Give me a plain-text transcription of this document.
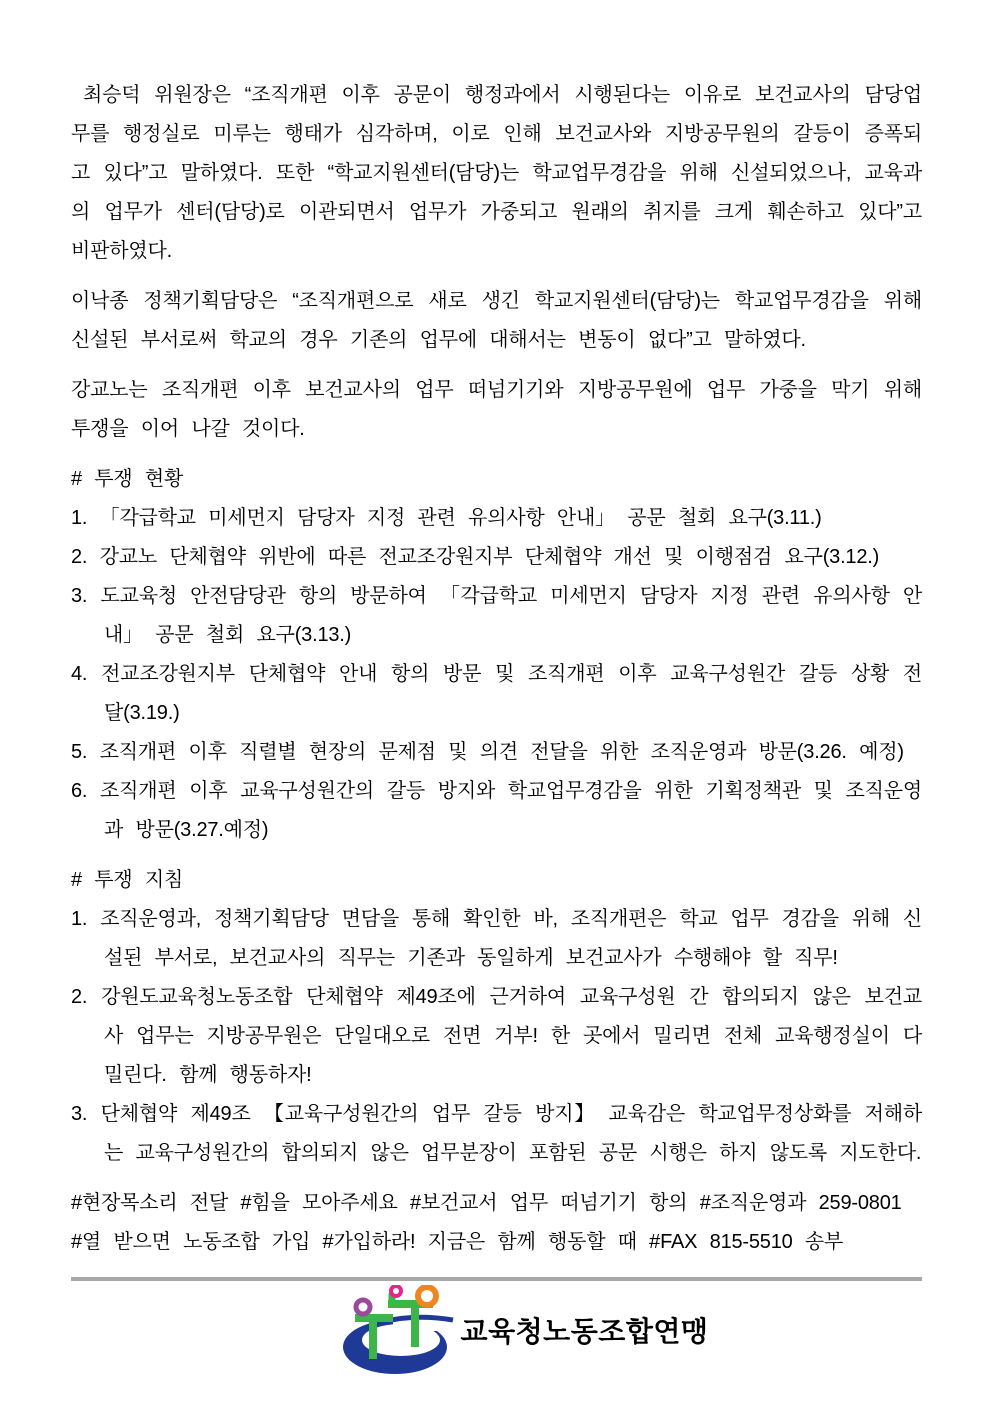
최승덕 위원장은 “조직개편 이후 공문이 행정과에서 시행된다는 이유로 보건교사의 담당업무를 행정실로 미루는 행태가 심각하며, 이로 인해 보건교사와 지방공무원의 갈등이 증폭되고 있다”고 말하였다. 또한 “학교지원센터(담당)는 학교업무경감을 위해 신설되었으나, 교육과의 업무가 센터(담당)로 이관되면서 업무가 가중되고 원래의 취지를 크게 훼손하고 있다”고 비판하였다.

이낙종 정책기획담당은 “조직개편으로 새로 생긴 학교지원센터(담당)는 학교업무경감을 위해 신설된 부서로써 학교의 경우 기존의 업무에 대해서는 변동이 없다”고 말하였다.

강교노는 조직개편 이후 보건교사의 업무 떠넘기기와 지방공무원에 업무 가중을 막기 위해 투쟁을 이어 나갈 것이다.

# 투쟁 현황

1. 「각급학교 미세먼지 담당자 지정 관련 유의사항 안내」 공문 철회 요구(3.11.)
2. 강교노 단체협약 위반에 따른 전교조강원지부 단체협약 개선 및 이행점검 요구(3.12.)
3. 도교육청 안전담당관 항의 방문하여 「각급학교 미세먼지 담당자 지정 관련 유의사항 안내」 공문 철회 요구(3.13.)
4. 전교조강원지부 단체협약 안내 항의 방문 및 조직개편 이후 교육구성원간 갈등 상황 전달(3.19.)
5. 조직개편 이후 직렬별 현장의 문제점 및 의견 전달을 위한 조직운영과 방문(3.26. 예정)
6. 조직개편 이후 교육구성원간의 갈등 방지와 학교업무경감을 위한 기획정책관 및 조직운영과 방문(3.27.예정)

# 투쟁 지침

1. 조직운영과, 정책기획담당 면담을 통해 확인한 바, 조직개편은 학교 업무 경감을 위해 신설된 부서로, 보건교사의 직무는 기존과 동일하게 보건교사가 수행해야 할 직무!
2. 강원도교육청노동조합 단체협약 제49조에 근거하여 교육구성원 간 합의되지 않은 보건교사 업무는 지방공무원은 단일대오로 전면 거부! 한 곳에서 밀리면 전체 교육행정실이 다 밀린다. 함께 행동하자!
3. 단체협약 제49조 【교육구성원간의 업무 갈등 방지】 교육감은 학교업무정상화를 저해하는 교육구성원간의 합의되지 않은 업무분장이 포함된 공문 시행은 하지 않도록 지도한다.

#현장목소리 전달 #힘을 모아주세요 #보건교서 업무 떠넘기기 항의 #조직운영과 259-0801

#열 받으면 노동조합 가입 #가입하라! 지금은 함께 행동할 때 #FAX 815-5510 송부

교육청노동조합연맹
